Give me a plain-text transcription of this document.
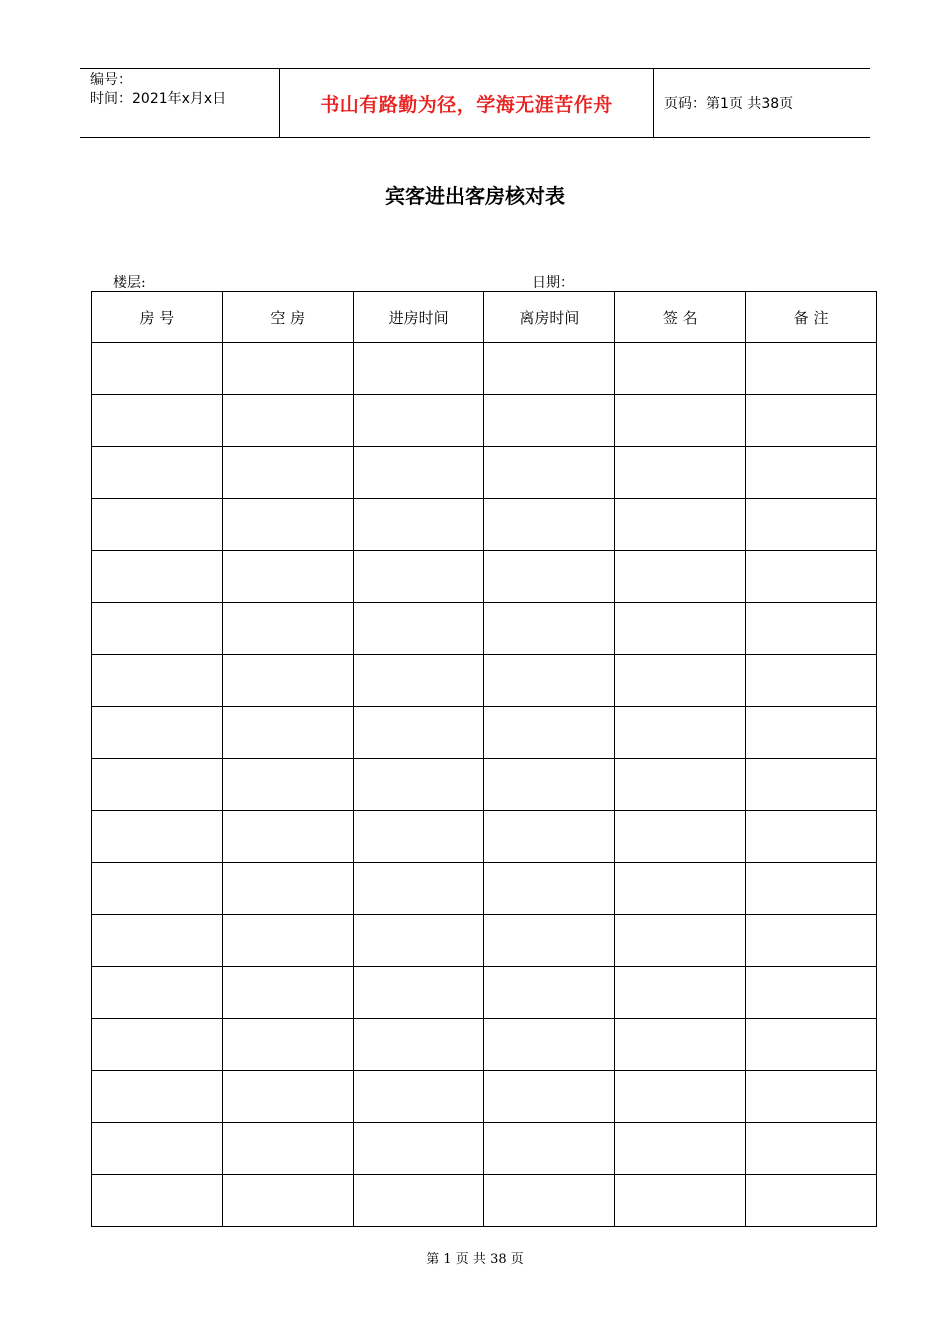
编号：
时间：2021年x月x日	书山有路勤为径，学海无涯苦作舟	页码：第1页 共38页
宾客进出客房核对表
楼层:	日期：
房 号	空 房	进房时间	离房时间	签 名	备 注

第 1 页 共 38 页
